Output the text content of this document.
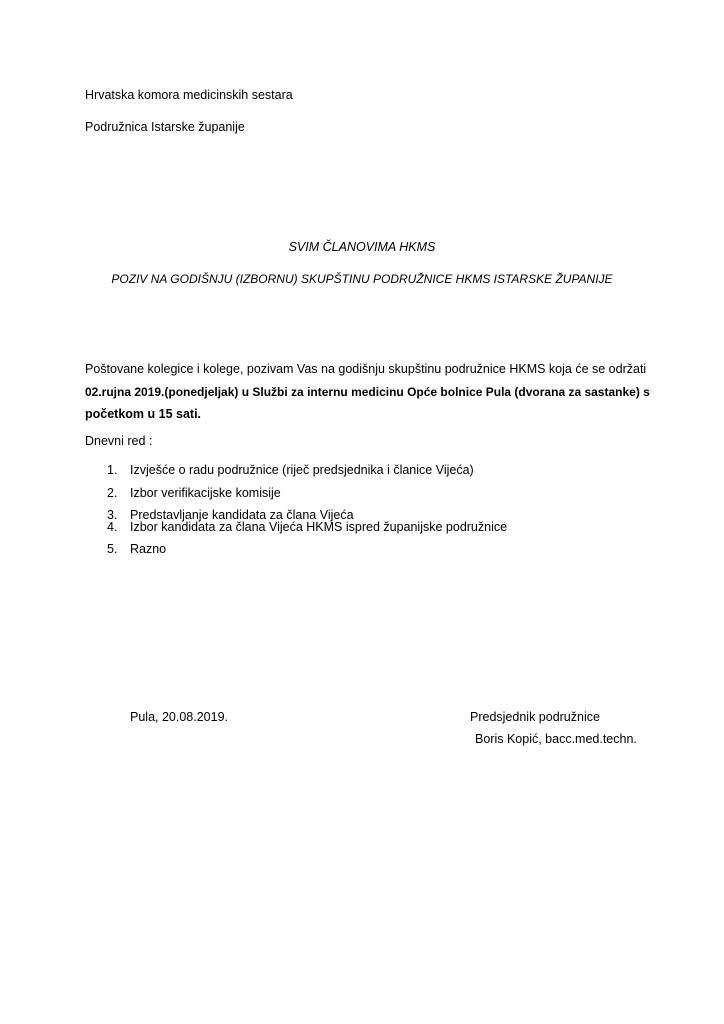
Hrvatska komora medicinskih sestara
Podružnica Istarske županije
SVIM ČLANOVIMA HKMS
POZIV NA GODIŠNJU (IZBORNU) SKUPŠTINU PODRUŽNICE HKMS ISTARSKE ŽUPANIJE
Poštovane kolegice i kolege, pozivam Vas na godišnju skupštinu podružnice HKMS koja će se održati
02.rujna 2019.(ponedjeljak) u Službi za internu medicinu Opće bolnice Pula (dvorana za sastanke) s
početkom u 15 sati.
Dnevni red :
1. Izvješće o radu podružnice (riječ predsjednika i članice Vijeća)
2. Izbor verifikacijske komisije
3. Predstavljanje kandidata za člana Vijeća
4. Izbor kandidata za člana Vijeća HKMS ispred županijske podružnice
5. Razno
Pula, 20.08.2019.	Predsjednik podružnice
Boris Kopić, bacc.med.techn.
